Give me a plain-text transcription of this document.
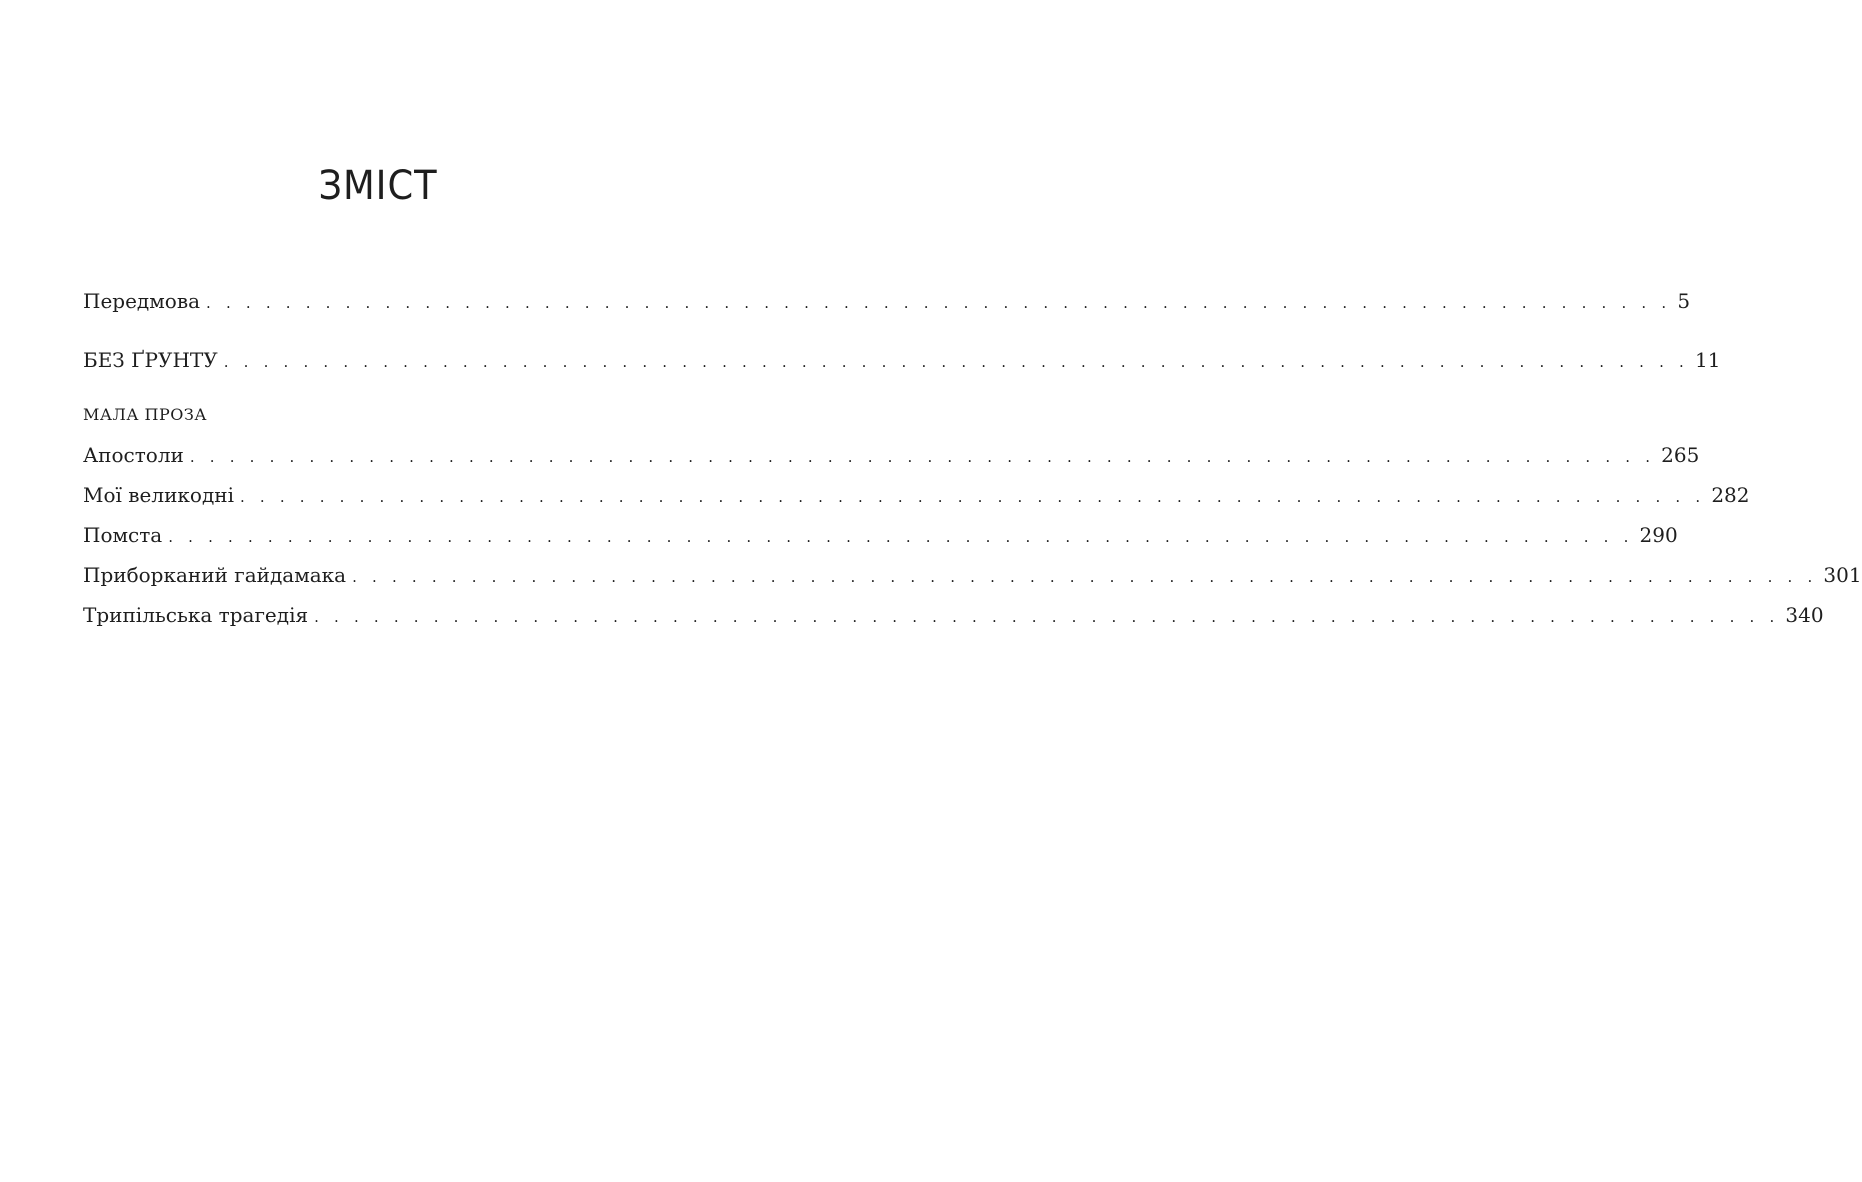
ЗМІСТ
Передмова . . . . . . . . . . . . . . . . . . . . . . . . . . . . . . . . . . . . . . . . . . . . . . . . . . . . . . . . . . . . . . . . . . . . . . . . . . 5
БЕЗ ҐРУНТУ . . . . . . . . . . . . . . . . . . . . . . . . . . . . . . . . . . . . . . . . . . . . . . . . . . . . . . . . . . . . . . . . . . . . . . . . . . 11

МАЛА ПРОЗА

Апостоли . . . . . . . . . . . . . . . . . . . . . . . . . . . . . . . . . . . . . . . . . . . . . . . . . . . . . . . . . . . . . . . . . . . . . . . . . . 265
Мої великодні . . . . . . . . . . . . . . . . . . . . . . . . . . . . . . . . . . . . . . . . . . . . . . . . . . . . . . . . . . . . . . . . . . . . . . . . . . 282
Помста . . . . . . . . . . . . . . . . . . . . . . . . . . . . . . . . . . . . . . . . . . . . . . . . . . . . . . . . . . . . . . . . . . . . . . . . . . 290
Приборканий гайдамака . . . . . . . . . . . . . . . . . . . . . . . . . . . . . . . . . . . . . . . . . . . . . . . . . . . . . . . . . . . . . . . . . . . . . . . . . . 301
Трипільська трагедія . . . . . . . . . . . . . . . . . . . . . . . . . . . . . . . . . . . . . . . . . . . . . . . . . . . . . . . . . . . . . . . . . . . . . . . . . . 340
